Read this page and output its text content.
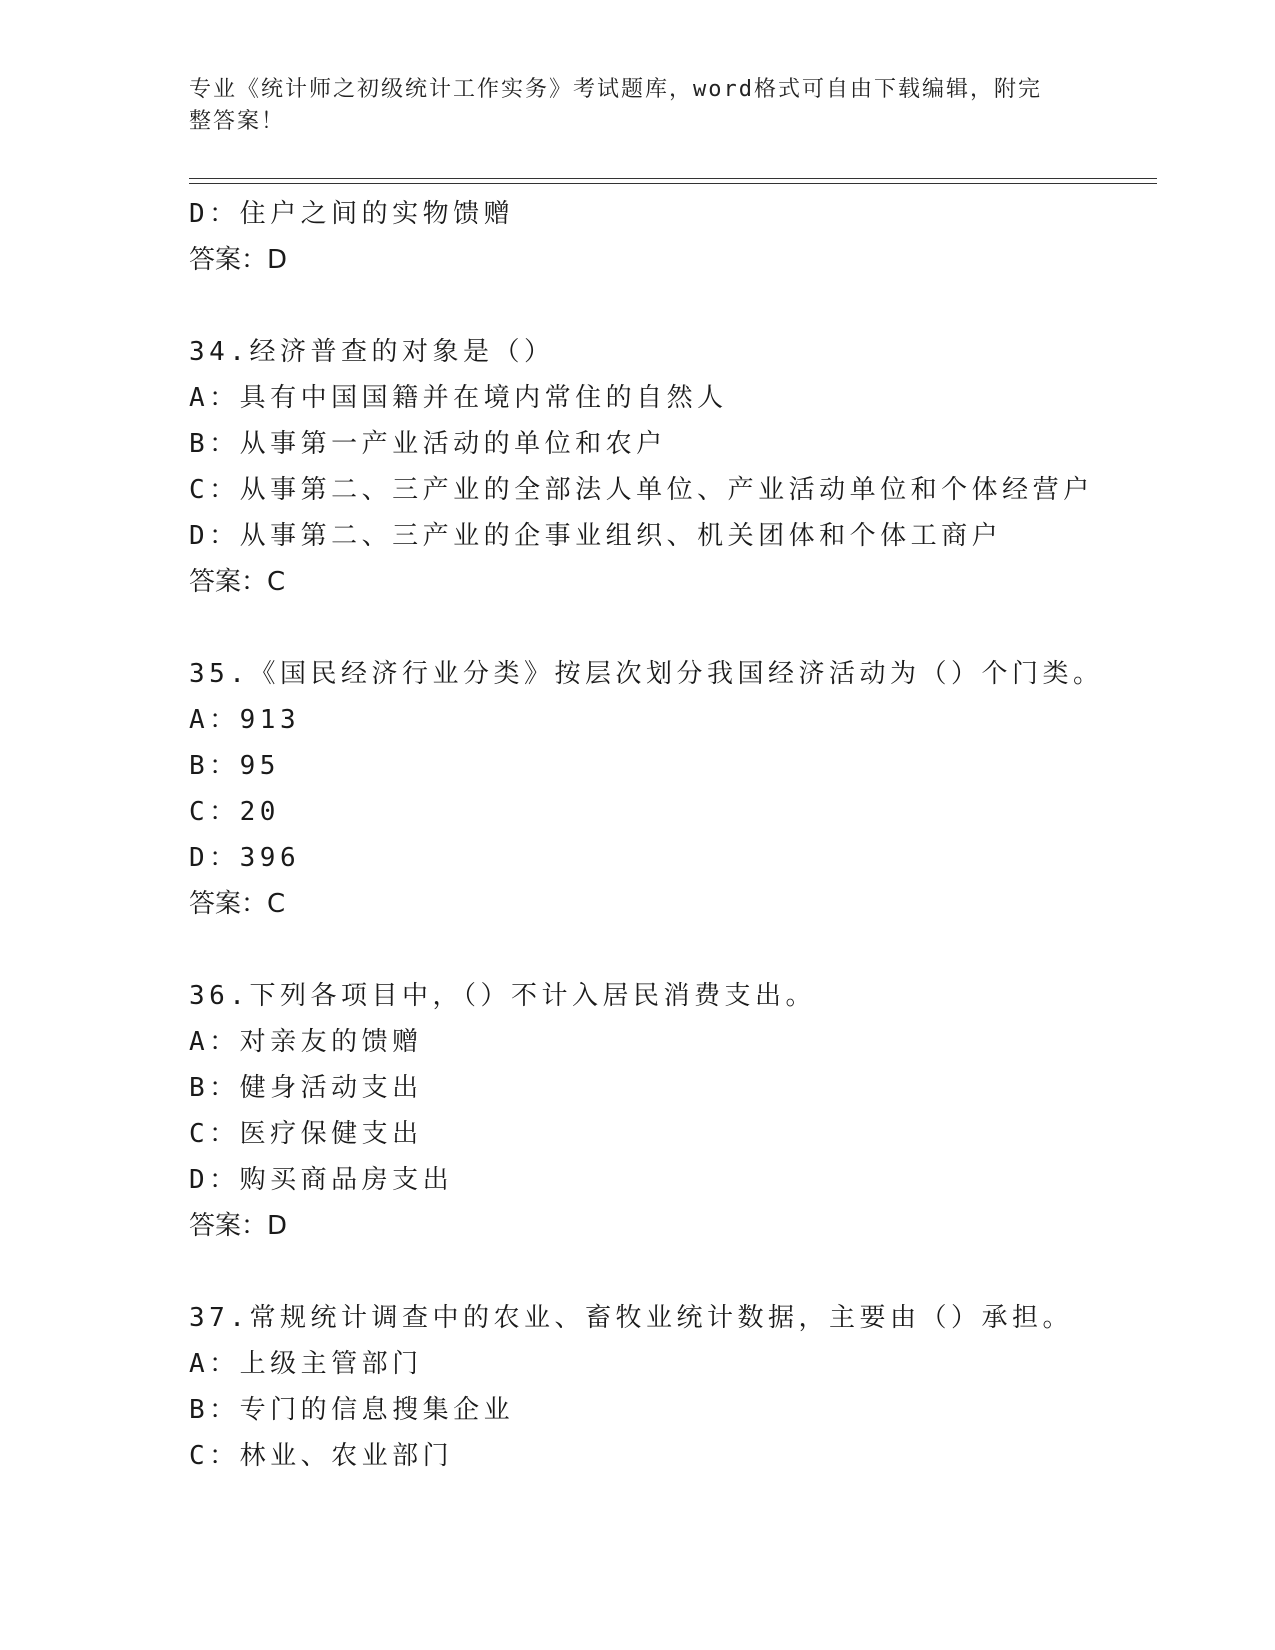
专业《统计师之初级统计工作实务》考试题库，word格式可自由下载编辑，附完
整答案！
D：住户之间的实物馈赠
答案：D
34.经济普查的对象是（）
A：具有中国国籍并在境内常住的自然人
B：从事第一产业活动的单位和农户
C：从事第二、三产业的全部法人单位、产业活动单位和个体经营户
D：从事第二、三产业的企事业组织、机关团体和个体工商户
答案：C
35.《国民经济行业分类》按层次划分我国经济活动为（）个门类。
A：913
B：95
C：20
D：396
答案：C
36.下列各项目中，（）不计入居民消费支出。
A：对亲友的馈赠
B：健身活动支出
C：医疗保健支出
D：购买商品房支出
答案：D
37.常规统计调查中的农业、畜牧业统计数据，主要由（）承担。
A：上级主管部门
B：专门的信息搜集企业
C：林业、农业部门
